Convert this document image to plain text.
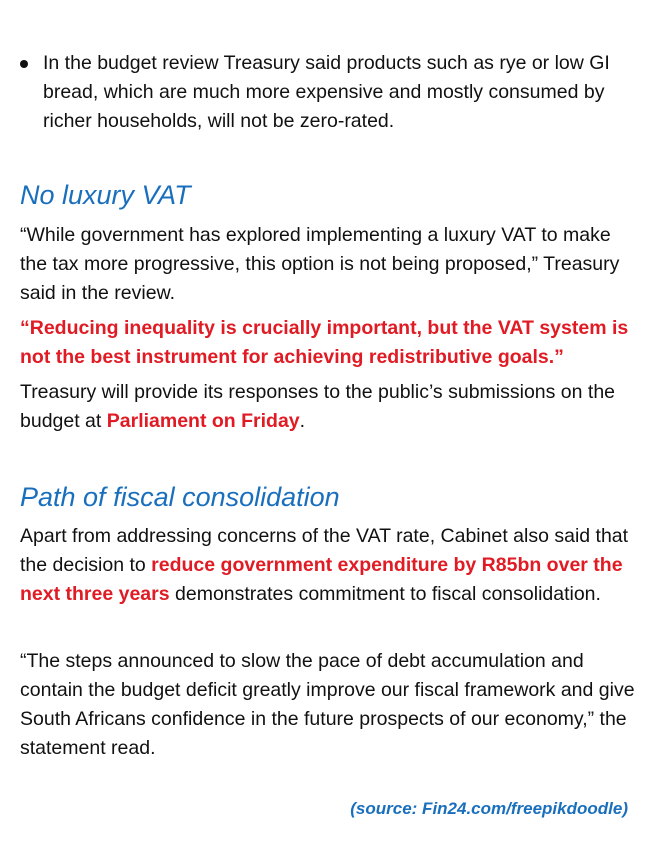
In the budget review Treasury said products such as rye or low GI bread, which are much more expensive and mostly consumed by richer households, will not be zero-rated.
No luxury VAT

“While government has explored implementing a luxury VAT to make the tax more progressive, this option is not being proposed,” Treasury said in the review.

“Reducing inequality is crucially important, but the VAT system is not the best instrument for achieving redistributive goals.”

Treasury will provide its responses to the public’s submissions on the budget at Parliament on Friday.

Path of fiscal consolidation

Apart from addressing concerns of the VAT rate, Cabinet also said that the decision to reduce government expenditure by R85bn over the next three years demonstrates commitment to fiscal consolidation.

“The steps announced to slow the pace of debt accumulation and contain the budget deficit greatly improve our fiscal framework and give South Africans confidence in the future prospects of our economy,” the statement read.

(source: Fin24.com/freepikdoodle)
